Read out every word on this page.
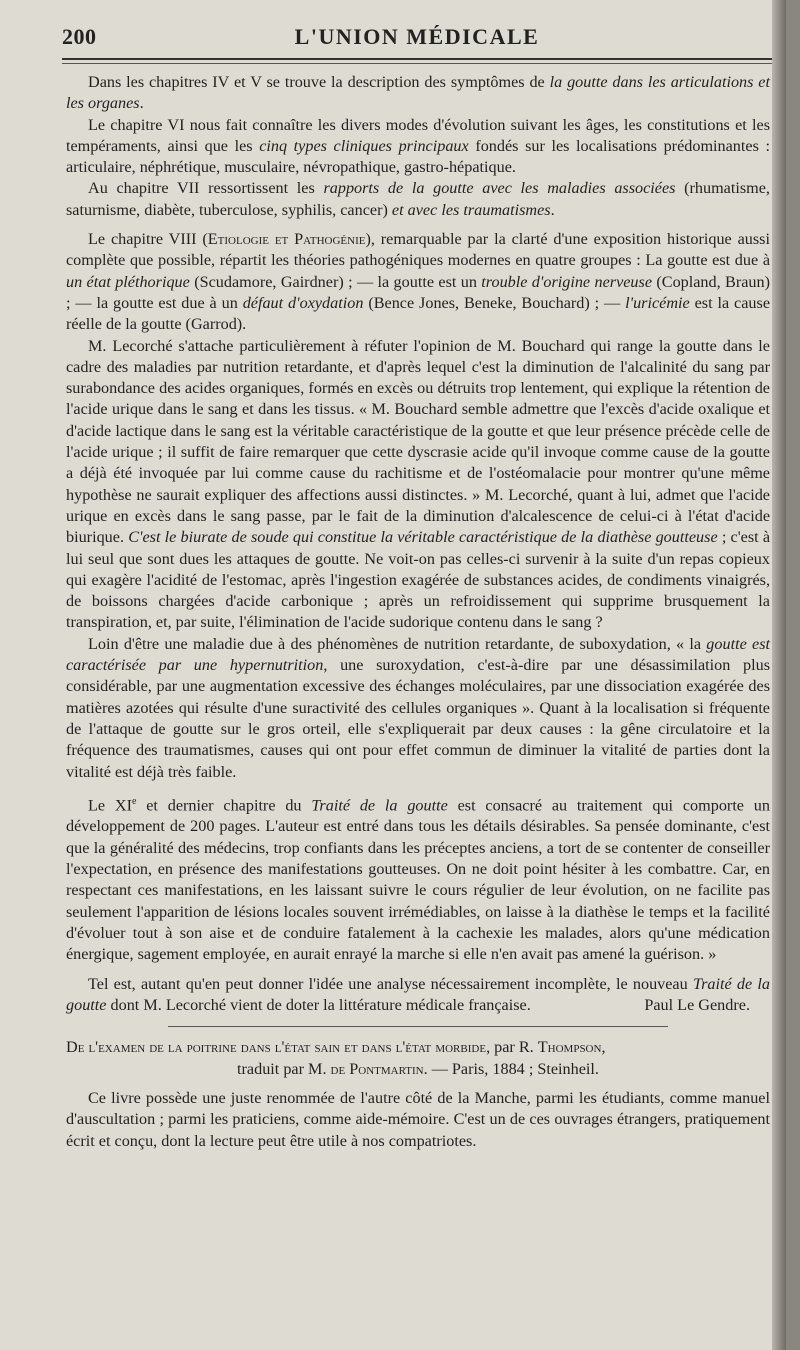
200	L'UNION MÉDICALE

Dans les chapitres IV et V se trouve la description des symptômes de la goutte dans les articulations et les organes.

Le chapitre VI nous fait connaître les divers modes d'évolution suivant les âges, les constitutions et les tempéraments, ainsi que les cinq types cliniques principaux fondés sur les localisations prédominantes : articulaire, néphrétique, musculaire, névropathique, gastro-hépatique.

Au chapitre VII ressortissent les rapports de la goutte avec les maladies associées (rhumatisme, saturnisme, diabète, tuberculose, syphilis, cancer) et avec les traumatismes.

Le chapitre VIII (Etiologie et Pathogénie), remarquable par la clarté d'une exposition historique aussi complète que possible, répartit les théories pathogéniques modernes en quatre groupes : La goutte est due à un état pléthorique (Scudamore, Gairdner) ; — la goutte est un trouble d'origine nerveuse (Copland, Braun) ; — la goutte est due à un défaut d'oxydation (Bence Jones, Beneke, Bouchard) ; — l'uricémie est la cause réelle de la goutte (Garrod).

M. Lecorché s'attache particulièrement à réfuter l'opinion de M. Bouchard qui range la goutte dans le cadre des maladies par nutrition retardante, et d'après lequel c'est la diminution de l'alcalinité du sang par surabondance des acides organiques, formés en excès ou détruits trop lentement, qui explique la rétention de l'acide urique dans le sang et dans les tissus. « M. Bouchard semble admettre que l'excès d'acide oxalique et d'acide lactique dans le sang est la véritable caractéristique de la goutte et que leur présence précède celle de l'acide urique ; il suffit de faire remarquer que cette dyscrasie acide qu'il invoque comme cause de la goutte a déjà été invoquée par lui comme cause du rachitisme et de l'ostéomalacie pour montrer qu'une même hypothèse ne saurait expliquer des affections aussi distinctes. » M. Lecorché, quant à lui, admet que l'acide urique en excès dans le sang passe, par le fait de la diminution d'alcalescence de celui-ci à l'état d'acide biurique. C'est le biurate de soude qui constitue la véritable caractéristique de la diathèse goutteuse ; c'est à lui seul que sont dues les attaques de goutte. Ne voit-on pas celles-ci survenir à la suite d'un repas copieux qui exagère l'acidité de l'estomac, après l'ingestion exagérée de substances acides, de condiments vinaigrés, de boissons chargées d'acide carbonique ; après un refroidissement qui supprime brusquement la transpiration, et, par suite, l'élimination de l'acide sudorique contenu dans le sang ?

Loin d'être une maladie due à des phénomènes de nutrition retardante, de suboxydation, « la goutte est caractérisée par une hypernutrition, une suroxydation, c'est-à-dire par une désassimilation plus considérable, par une augmentation excessive des échanges moléculaires, par une dissociation exagérée des matières azotées qui résulte d'une suractivité des cellules organiques ». Quant à la localisation si fréquente de l'attaque de goutte sur le gros orteil, elle s'expliquerait par deux causes : la gêne circulatoire et la fréquence des traumatismes, causes qui ont pour effet commun de diminuer la vitalité de parties dont la vitalité est déjà très faible.

Le XIe et dernier chapitre du Traité de la goutte est consacré au traitement qui comporte un développement de 200 pages. L'auteur est entré dans tous les détails désirables. Sa pensée dominante, c'est que la généralité des médecins, trop confiants dans les préceptes anciens, a tort de se contenter de conseiller l'expectation, en présence des manifestations goutteuses. On ne doit point hésiter à les combattre. Car, en respectant ces manifestations, en les laissant suivre le cours régulier de leur évolution, on ne facilite pas seulement l'apparition de lésions locales souvent irrémédiables, on laisse à la diathèse le temps et la facilité d'évoluer tout à son aise et de conduire fatalement à la cachexie les malades, alors qu'une médication énergique, sagement employée, en aurait enrayé la marche si elle n'en avait pas amené la guérison. »

Tel est, autant qu'en peut donner l'idée une analyse nécessairement incomplète, le nouveau Traité de la goutte dont M. Lecorché vient de doter la littérature médicale française.	Paul Le Gendre.

De l'examen de la poitrine dans l'état sain et dans l'état morbide, par R. Thompson,
traduit par M. de Pontmartin. — Paris, 1884 ; Steinheil.

Ce livre possède une juste renommée de l'autre côté de la Manche, parmi les étudiants, comme manuel d'auscultation ; parmi les praticiens, comme aide-mémoire. C'est un de ces ouvrages étrangers, pratiquement écrit et conçu, dont la lecture peut être utile à nos compatriotes.
